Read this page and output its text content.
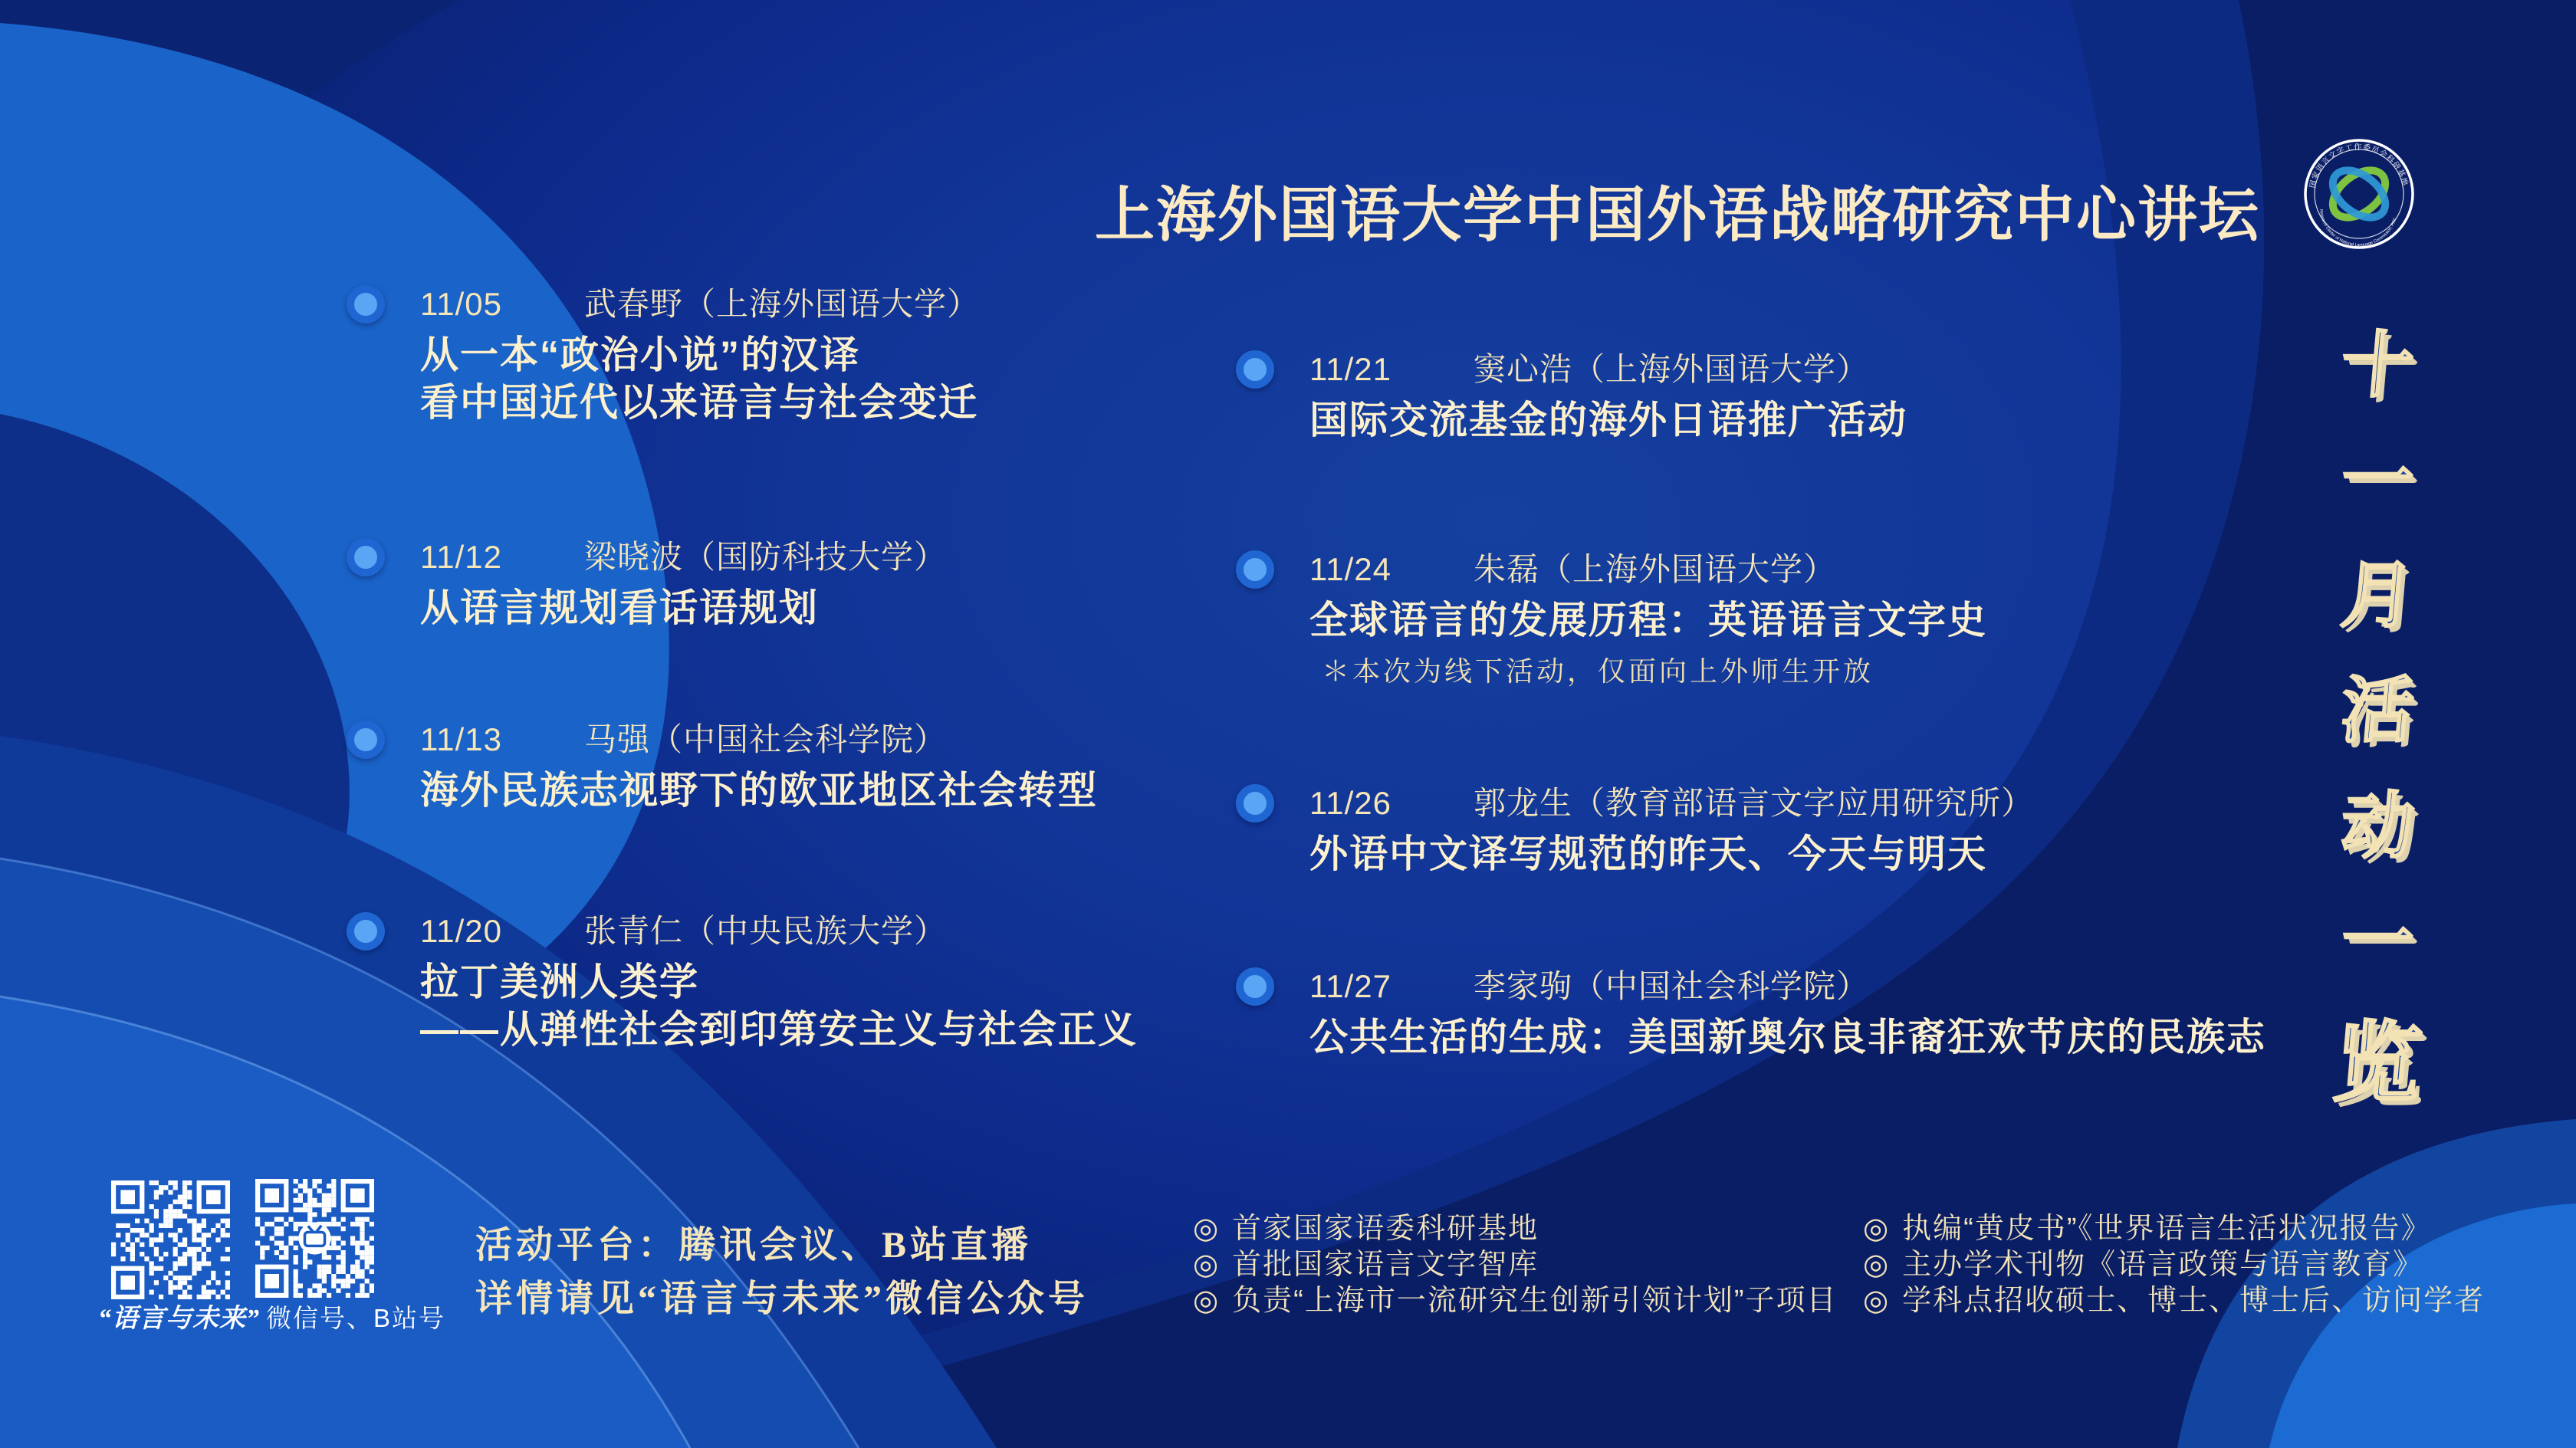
上海外国语大学中国外语战略研究中心讲坛	国家语言文字工作委员会科研基地
Research Center of National Language Commission, PRC
十
一
月
活
动
一
览
11/05	武春野（上海外国语大学）
从一本“政治小说”的汉译
看中国近代以来语言与社会变迁
11/12	梁晓波（国防科技大学）
从语言规划看话语规划
11/13	马强（中国社会科学院）
海外民族志视野下的欧亚地区社会转型
11/20	张青仁（中央民族大学）
拉丁美洲人类学
——从弹性社会到印第安主义与社会正义
11/21	窦心浩（上海外国语大学）
国际交流基金的海外日语推广活动
11/24	朱磊（上海外国语大学）
全球语言的发展历程：英语语言文字史
＊本次为线下活动，仅面向上外师生开放
11/26	郭龙生（教育部语言文字应用研究所）
外语中文译写规范的昨天、今天与明天
11/27	李家驹（中国社会科学院）
公共生活的生成：美国新奥尔良非裔狂欢节庆的民族志
“语言与未来” 微信号、B站号
活动平台：腾讯会议、B站直播
详情请见“语言与未来”微信公众号
◎ 首家国家语委科研基地
◎ 首批国家语言文字智库
◎ 负责“上海市一流研究生创新引领计划”子项目
◎ 执编“黄皮书”《世界语言生活状况报告》
◎ 主办学术刊物《语言政策与语言教育》
◎ 学科点招收硕士、博士、博士后、访问学者
